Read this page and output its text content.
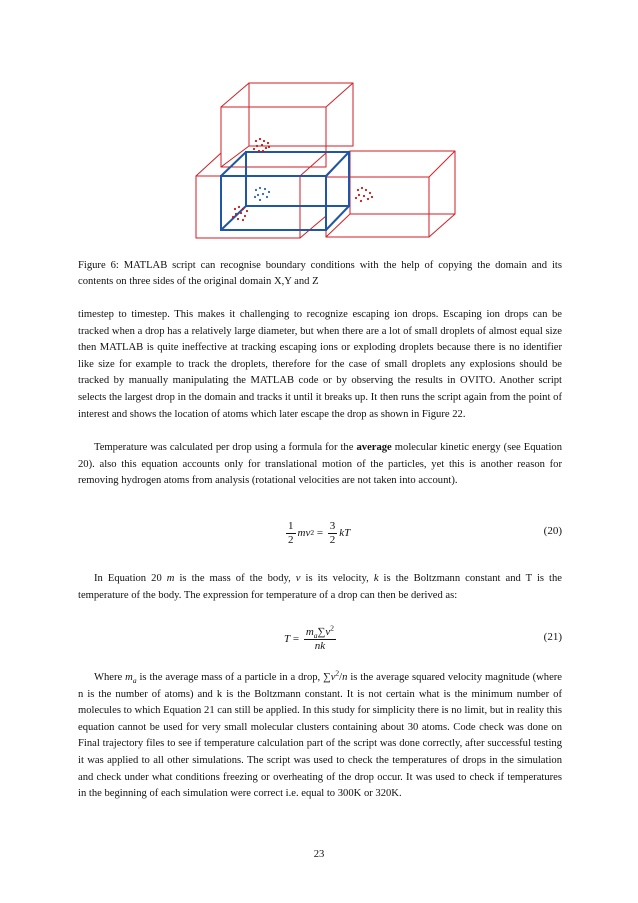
Figure 6: MATLAB script can recognise boundary conditions with the help of copying the domain and its contents on three sides of the original domain X,Y and Z

timestep to timestep. This makes it challenging to recognize escaping ion drops. Escaping ion drops can be tracked when a drop has a relatively large diameter, but when there are a lot of small droplets of almost equal size then MATLAB is quite ineffective at tracking escaping ions or exploding droplets because there is no identifier like size for example to track the droplets, therefore for the case of small droplets any explosions should be tracked by manually manipulating the MATLAB code or by observing the results in OVITO. Another script selects the largest drop in the domain and tracks it until it breaks up. It then runs the script again from the point of interest and shows the location of atoms which later escape the drop as shown in Figure 22.

Temperature was calculated per drop using a formula for the average molecular kinetic energy (see Equation 20). also this equation accounts only for translational motion of the particles, yet this is another reason for removing hydrogen atoms from analysis (rotational velocities are not taken into account).

$\frac{1}{2}$ mv $2 = \frac{3}{2}$ kT	(20)

In Equation 20 m is the mass of the body, v is its velocity, k is the Boltzmann constant and T is the temperature of the body. The expression for temperature of a drop can then be derived as:

$T = \frac{m_a\sum v^2}{nk}$	(21)

Where $m_a$ is the average mass of a particle in a drop, $\sum v^2/n$ is the average squared velocity magnitude (where n is the number of atoms) and k is the Boltzmann constant. It is not certain what is the minimum number of molecules to which Equation 21 can still be applied. In this study for simplicity there is no limit, but in reality this equation cannot be used for very small molecular clusters containing about 30 atoms. Code check was done on Final trajectory files to see if temperature calculation part of the script was done correctly, after successful testing it was applied to all other simulations. The script was used to check the temperatures of drops in the simulation and check under what conditions freezing or overheating of the drop occur. It was used to check if temperatures in the beginning of each simulation were correct i.e. equal to 300K or 320K.

23
